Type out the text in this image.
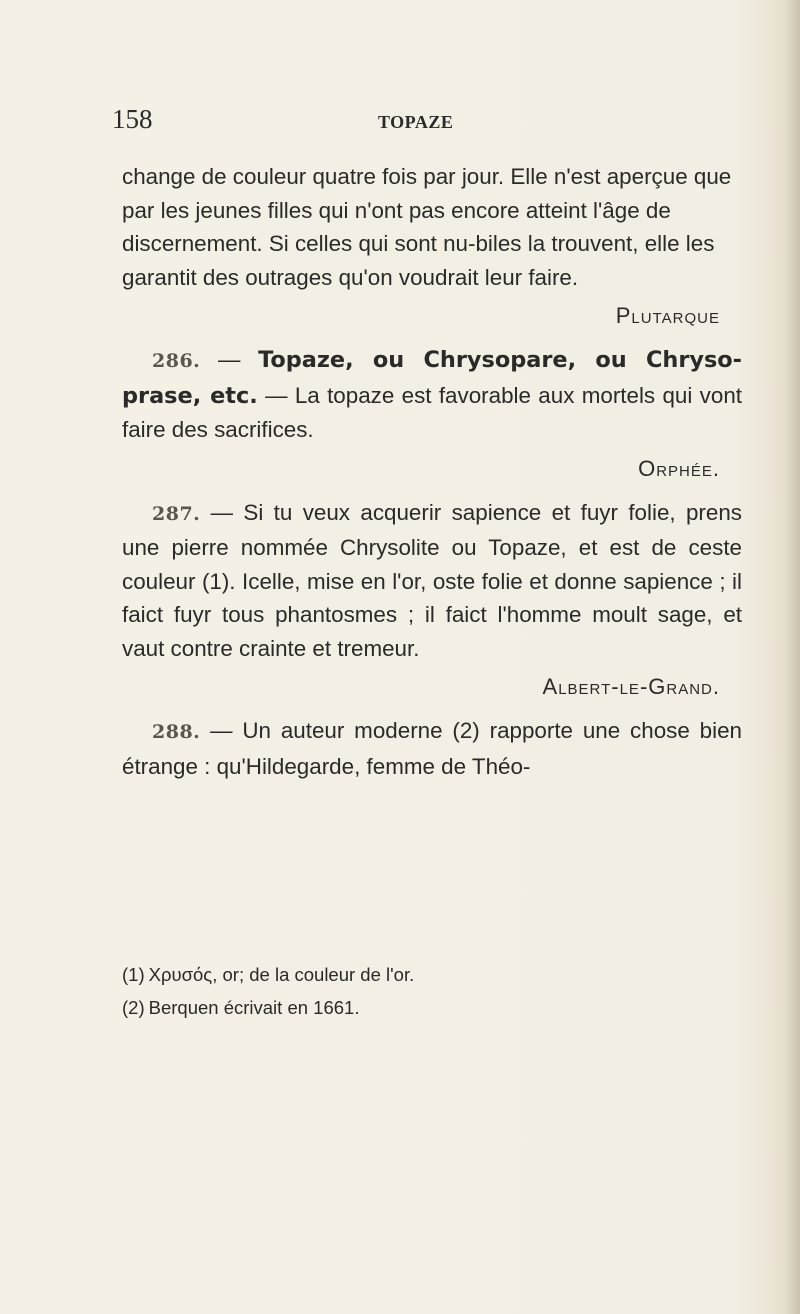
158	TOPAZE

change de couleur quatre fois par jour. Elle n'est aperçue que par les jeunes filles qui n'ont pas encore atteint l'âge de discernement. Si celles qui sont nu-biles la trouvent, elle les garantit des outrages qu'on voudrait leur faire.

Plutarque

286. — Topaze, ou Chrysopare, ou Chryso-prase, etc. — La topaze est favorable aux mortels qui vont faire des sacrifices.

Orphée.

287. — Si tu veux acquerir sapience et fuyr folie, prens une pierre nommée Chrysolite ou Topaze, et est de ceste couleur (1). Icelle, mise en l'or, oste folie et donne sapience ; il faict fuyr tous phantosmes ; il faict l'homme moult sage, et vaut contre crainte et tremeur.

Albert-le-Grand.

288. — Un auteur moderne (2) rapporte une chose bien étrange : qu'Hildegarde, femme de Théo-

(1) Χρυσός, or; de la couleur de l'or.

(2) Berquen écrivait en 1661.
